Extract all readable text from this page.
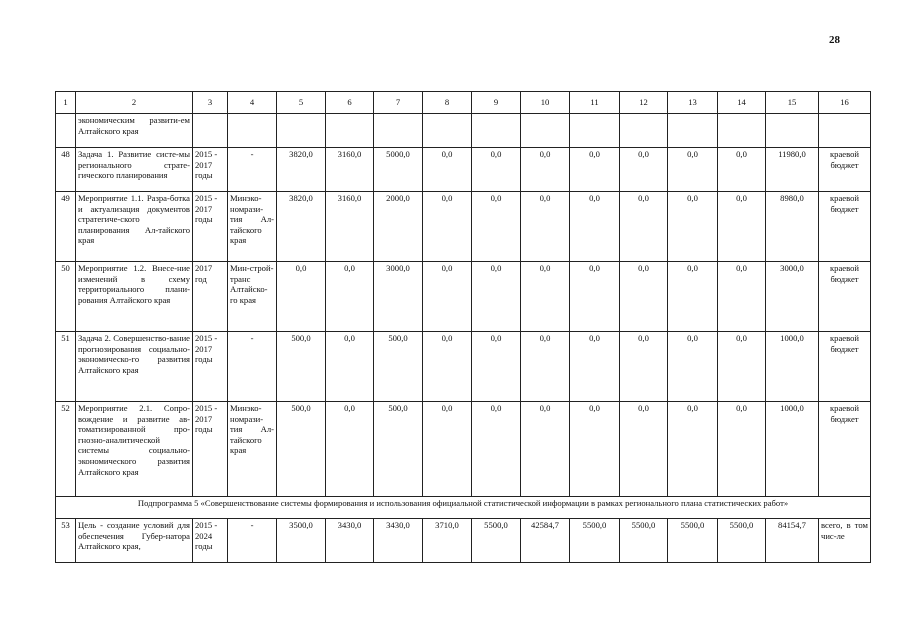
28
1	2	3	4	5	6	7	8	9	10	11	12	13	14	15	16
	экономическим развити-ем Алтайского края														
48	Задача 1. Развитие систе-мы регионального страте-гического планирования	2015 - 2017 годы	-	3820,0	3160,0	5000,0	0,0	0,0	0,0	0,0	0,0	0,0	0,0	11980,0	краевой бюджет
49	Мероприятие 1.1. Разра-ботка и актуализация документов стратегиче-ского планирования Ал-тайского края	2015 - 2017 годы	Минэко-номрази-тия Ал-тайского края	3820,0	3160,0	2000,0	0,0	0,0	0,0	0,0	0,0	0,0	0,0	8980,0	краевой бюджет
50	Мероприятие 1.2. Внесе-ние изменений в схему территориального плани-рования Алтайского края	2017 год	Мин-строй-транс Алтайско-го края	0,0	0,0	3000,0	0,0	0,0	0,0	0,0	0,0	0,0	0,0	3000,0	краевой бюджет
51	Задача 2. Совершенство-вание прогнозирования социально-экономическо-го развития Алтайского края	2015 - 2017 годы	-	500,0	0,0	500,0	0,0	0,0	0,0	0,0	0,0	0,0	0,0	1000,0	краевой бюджет
52	Мероприятие 2.1. Сопро-вождение и развитие ав-томатизированной про-гнозно-аналитической системы социально-экономического развития Алтайского края	2015 - 2017 годы	Минэко-номрази-тия Ал-тайского края	500,0	0,0	500,0	0,0	0,0	0,0	0,0	0,0	0,0	0,0	1000,0	краевой бюджет
Подпрограмма 5 «Совершенствование системы формирования и использования официальной статистической информации в рамках регионального плана статистических работ»															
53	Цель - создание условий для обеспечения Губер-натора Алтайского края,	2015 - 2024 годы	-	3500,0	3430,0	3430,0	3710,0	5500,0	42584,7	5500,0	5500,0	5500,0	5500,0	84154,7	всего, в том чис-ле
